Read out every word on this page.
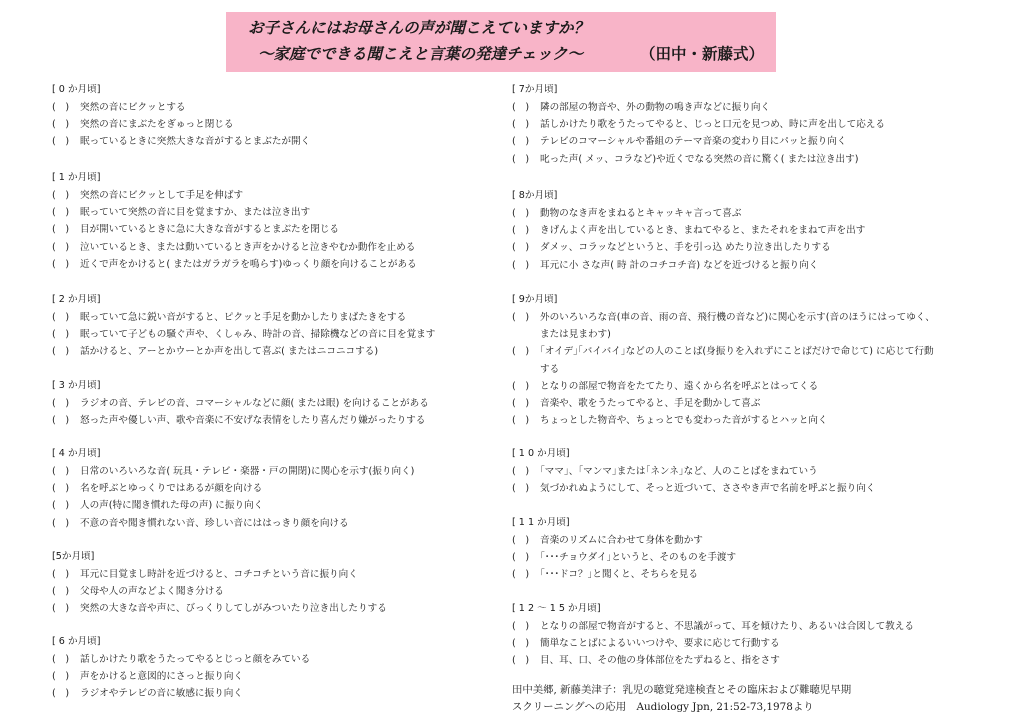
お子さんにはお母さんの声が聞こえていますか？
～家庭でできる聞こえと言葉の発達チェック～	（田中・新藤式）
[ 0 か月頃]
(　) 突然の音にビクッとする
(　) 突然の音にまぶたをぎゅっと閉じる
(　) 眠っているときに突然大きな音がするとまぶたが開く
[ 1 か月頃]
(　) 突然の音にビクッとして手足を伸ばす
(　) 眠っていて突然の音に目を覚ますか、または泣き出す
(　) 目が開いているときに急に大きな音がするとまぶたを閉じる
(　) 泣いているとき、または動いているとき声をかけると泣きやむか動作を止める
(　) 近くで声をかけると( またはガラガラを鳴らす)ゆっくり顔を向けることがある
[ 2 か月頃]
(　) 眠っていて急に鋭い音がすると、ピクッと手足を動かしたりまばたきをする
(　) 眠っていて子どもの騒ぐ声や、くしゃみ、時計の音、掃除機などの音に目を覚ます
(　) 話かけると、アーとかウーとか声を出して喜ぶ( またはニコニコする)
[ 3 か月頃]
(　) ラジオの音、テレビの音、コマーシャルなどに顔( または眼) を向けることがある
(　) 怒った声や優しい声、歌や音楽に不安げな表情をしたり喜んだり嫌がったりする
[ 4 か月頃]
(　) 日常のいろいろな音( 玩具・テレビ・楽器・戸の開閉)に関心を示す(振り向く)
(　) 名を呼ぶとゆっくりではあるが顔を向ける
(　) 人の声(特に聞き慣れた母の声) に振り向く
(　) 不意の音や聞き慣れない音、珍しい音にははっきり顔を向ける
[5か月頃]
(　) 耳元に目覚まし時計を近づけると、コチコチという音に振り向く
(　) 父母や人の声などよく聞き分ける
(　) 突然の大きな音や声に、びっくりしてしがみついたり泣き出したりする
[ 6 か月頃]
(　) 話しかけたり歌をうたってやるとじっと顔をみている
(　) 声をかけると意図的にさっと振り向く
(　) ラジオやテレビの音に敏感に振り向く
[ 7か月頃]
(　) 隣の部屋の物音や、外の動物の鳴き声などに振り向く
(　) 話しかけたり歌をうたってやると、じっと口元を見つめ、時に声を出して応える
(　) テレビのコマーシャルや番組のテーマ音楽の変わり目にパッと振り向く
(　) 叱った声( メッ、コラなど)や近くでなる突然の音に驚く( または泣き出す)
[ 8か月頃]
(　) 動物のなき声をまねるとキャッキャ言って喜ぶ
(　) きげんよく声を出しているとき、まねてやると、またそれをまねて声を出す
(　) ダメッ、コラッなどというと、手を引っ込 めたり泣き出したりする
(　) 耳元に小 さな声( 時 計のコチコチ音) などを近づけると振り向く
[ 9か月頃]
(　) 外のいろいろな音(車の音、雨の音、飛行機の音など)に関心を示す(音のほうにはってゆく、または見まわす)
(　) ｢オイデ｣｢バイバイ｣などの人のことば(身振りを入れずにことばだけで命じて) に応じて行動する
(　) となりの部屋で物音をたてたり、遠くから名を呼ぶとはってくる
(　) 音楽や、歌をうたってやると、手足を動かして喜ぶ
(　) ちょっとした物音や、ちょっとでも変わった音がするとハッと向く
[ 1 0 か月頃]
(　) ｢ママ｣、｢マンマ｣または｢ネンネ｣など、人のことばをまねていう
(　) 気づかれぬようにして、そっと近づいて、ささやき声で名前を呼ぶと振り向く
[ 1 1 か月頃]
(　) 音楽のリズムに合わせて身体を動かす
(　) ｢･･･チョウダイ｣というと、そのものを手渡す
(　) ｢･･･ドコ？｣と聞くと、そちらを見る
[ 1 2 ～ 1 5 か月頃]
(　) となりの部屋で物音がすると、不思議がって、耳を傾けたり、あるいは合図して教える
(　) 簡単なことばによるいいつけや、要求に応じて行動する
(　) 目、耳、口、その他の身体部位をたずねると、指をさす
田中美郷, 新藤美津子：乳児の聴覚発達検査とその臨床および難聴児早期
スクリーニングへの応用　Audiology Jpn, 21:52-73,1978より
